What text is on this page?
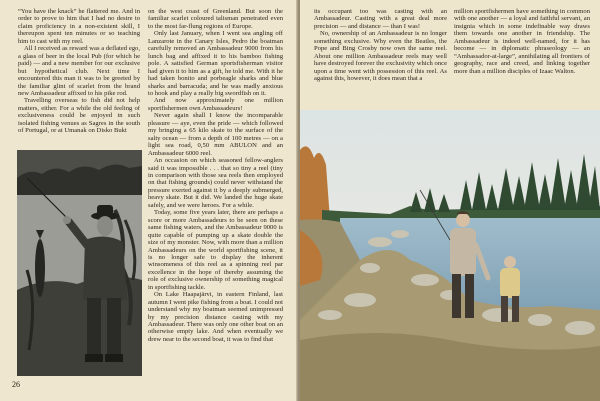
“You have the knack” he flattered me. And in order to prove to him that I had no desire to claim proficiency in a non-existent skill, I thereupon spent ten minutes or so teaching him to cast with my reel.

All I received as reward was a deflated ego, a glass of beer in the local Pub (for which he paid) — and a new member for our exclusive but hypothetical club. Next time I encountered this man it was to be greeted by the familiar glint of scarlet from the brand new Ambassadeur affixed to his pike rod.

Travelling overseas to fish did not help matters, either. For a while the old feeling of exclusiveness could be enjoyed in such isolated fishing venues as Sagres in the south of Portugal, or at Umanak on Disko Bukt

on the west coast of Greenland. But soon the familiar scarlet coloured talisman penetrated even to the most far-flung regions of Europe.

Only last January, when I went sea angling off Lanzarote in the Canary Isles, Pedro the boatman carefully removed an Ambassadeur 9000 from his lunch bag and affixed it to his bamboo fishing pole. A satisfied German sportsfisherman visitor had given it to him as a gift, he told me. With it he had taken bonito and porbeagle sharks and blue sharks and barracuda; and he was madly anxious to hook and play a really big swordfish on it.

And now approximately one million sportfishermen own Ambassadeurs!

Never again shall I know the incomparable pleasure — aye, even the pride — which followed my bringing a 65 kilo skate to the surface of the salty ocean — from a depth of 100 metres — on a light sea road, 0,50 mm ABULON and an Ambassadeur 6000 reel.

An occasion on which seasoned fellow-anglers said it was impossible . . . that so tiny a reel (tiny in comparison with those sea reels then employed on that fishing grounds) could never withstand the pressure exerted against it by a deeply submerged, heavy skate. But it did. We landed the huge skate safely, and we were heroes. For a while.

Today, some five years later, there are perhaps a score or more Ambassadeurs to be seen on these same fishing waters, and the Ambassadeur 9000 is quite capable of pumping up a skate double the size of my monster. Now, with more than a million Ambassadeurs on the world sportfishing scene, it is no longer safe to display the inherent winsomeness of this reel as a spinning reel par excellence in the hope of thereby assuming the role of exclusive ownership of something magical in sportfishing tackle.

On Lake Haapajärvi, in eastern Finland, last autumn I went pike fishing from a boat. I could not understand why my boatman seemed unimpressed by my precision distance casting with my Ambassadeur. There was only one other boat on an otherwise empty lake. And when eventually we drew near to the second boat, it was to find that

26

its occupant too was casting with an Ambassadeur. Casting with a great deal more precision — and distance — than I was!

No, ownership of an Ambassadeur is no longer something exclusive. Why even the Beatles, the Pope and Bing Crosby now own the same reel. About one million Ambassadeur reels may well have destroyed forever the exclusivity which once upon a time went with possession of this reel. As against this, however, it does mean that a

million sportfishermen have something in common with one another — a loyal and faithful servant, an insignia which in some indefinable way draws them towards one another in friendship. The Ambassadeur is indeed well-named, for it has become — in diplomatic phraseology — an “Ambassador-at-large”, annihilating all frontiers of geography, race and creed, and linking together more than a million disciples of Izaac Walton.
